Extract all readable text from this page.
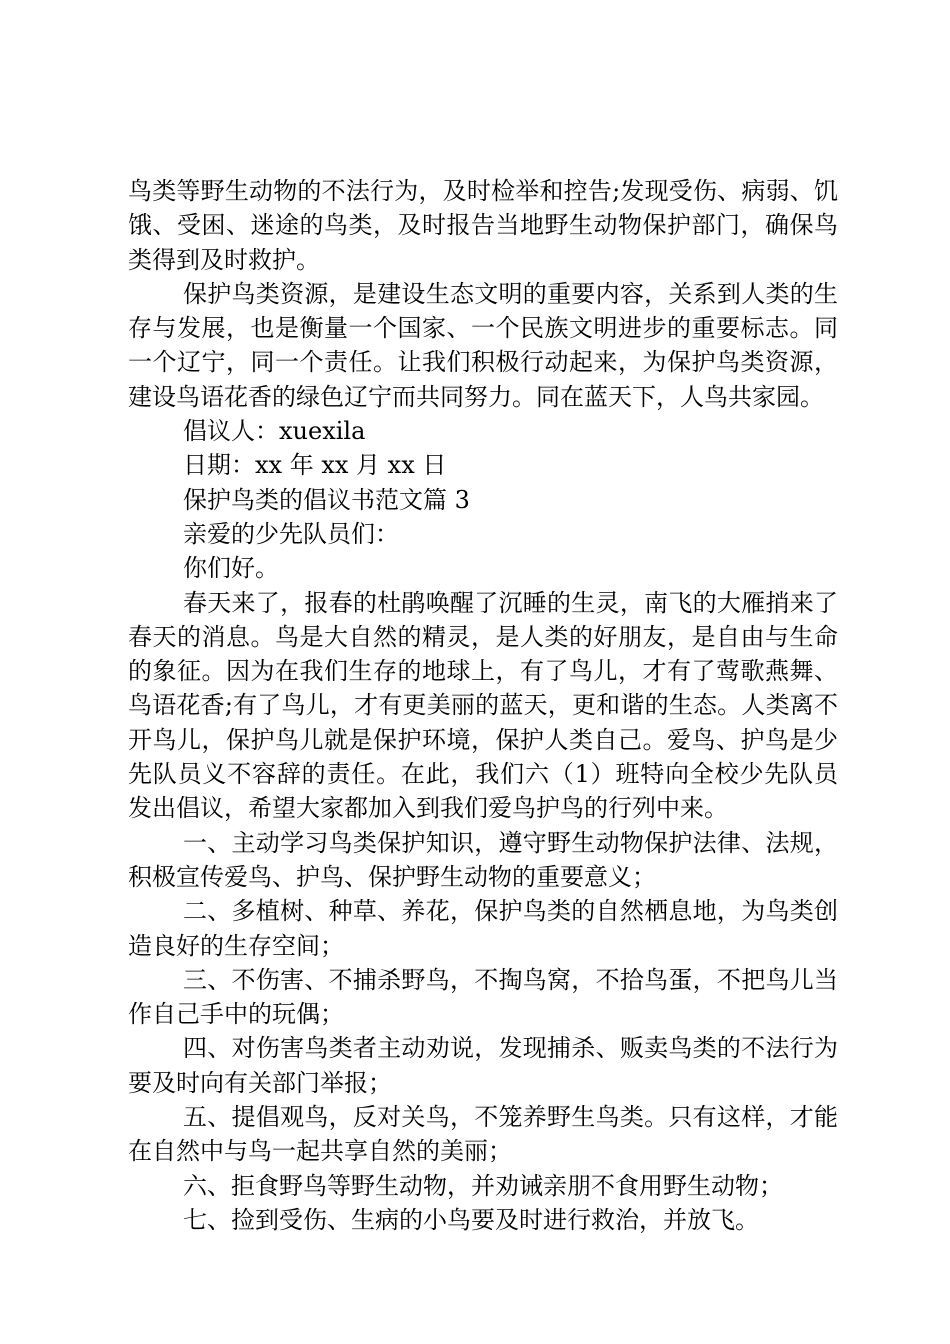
鸟类等野生动物的不法行为，及时检举和控告;发现受伤、病弱、饥饿、受困、迷途的鸟类，及时报告当地野生动物保护部门，确保鸟类得到及时救护。

保护鸟类资源，是建设生态文明的重要内容，关系到人类的生存与发展，也是衡量一个国家、一个民族文明进步的重要标志。同一个辽宁，同一个责任。让我们积极行动起来，为保护鸟类资源，建设鸟语花香的绿色辽宁而共同努力。同在蓝天下，人鸟共家园。

倡议人：xuexila

日期：xx 年 xx 月 xx 日

保护鸟类的倡议书范文篇 3

亲爱的少先队员们：

你们好。

春天来了，报春的杜鹃唤醒了沉睡的生灵，南飞的大雁捎来了春天的消息。鸟是大自然的精灵，是人类的好朋友，是自由与生命的象征。因为在我们生存的地球上，有了鸟儿，才有了莺歌燕舞、鸟语花香;有了鸟儿，才有更美丽的蓝天，更和谐的生态。人类离不开鸟儿，保护鸟儿就是保护环境，保护人类自己。爱鸟、护鸟是少先队员义不容辞的责任。在此，我们六（1）班特向全校少先队员发出倡议，希望大家都加入到我们爱鸟护鸟的行列中来。

一、主动学习鸟类保护知识，遵守野生动物保护法律、法规，积极宣传爱鸟、护鸟、保护野生动物的重要意义；

二、多植树、种草、养花，保护鸟类的自然栖息地，为鸟类创造良好的生存空间；

三、不伤害、不捕杀野鸟，不掏鸟窝，不拾鸟蛋，不把鸟儿当作自己手中的玩偶；

四、对伤害鸟类者主动劝说，发现捕杀、贩卖鸟类的不法行为要及时向有关部门举报；

五、提倡观鸟，反对关鸟，不笼养野生鸟类。只有这样，才能在自然中与鸟一起共享自然的美丽；

六、拒食野鸟等野生动物，并劝诫亲朋不食用野生动物；

七、捡到受伤、生病的小鸟要及时进行救治，并放飞。
